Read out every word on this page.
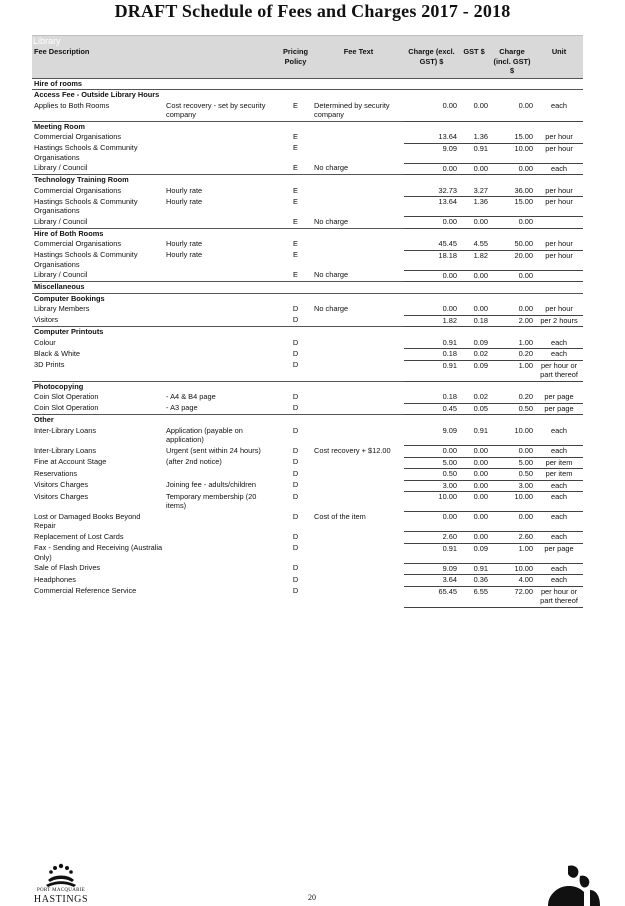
DRAFT Schedule of Fees and Charges 2017 - 2018
Library
Fee Description		Pricing Policy	Fee Text	Charge (excl. GST) $	GST $	Charge (incl. GST) $	Unit
Hire of rooms							
Access Fee - Outside Library Hours							
Applies to Both Rooms	Cost recovery - set by security company	E	Determined by security company	0.00	0.00	0.00	each
Meeting Room							
Commercial Organisations		E		13.64	1.36	15.00	per hour
Hastings Schools & Community Organisations		E		9.09	0.91	10.00	per hour
Library / Council		E	No charge	0.00	0.00	0.00	each
Technology Training Room							
Commercial Organisations	Hourly rate	E		32.73	3.27	36.00	per hour
Hastings Schools & Community Organisations	Hourly rate	E		13.64	1.36	15.00	per hour
Library / Council		E	No charge	0.00	0.00	0.00	
Hire of Both Rooms							
Commercial Organisations	Hourly rate	E		45.45	4.55	50.00	per hour
Hastings Schools & Community Organisations	Hourly rate	E		18.18	1.82	20.00	per hour
Library / Council		E	No charge	0.00	0.00	0.00	
Miscellaneous							
Computer Bookings							
Library Members		D	No charge	0.00	0.00	0.00	per hour
Visitors		D		1.82	0.18	2.00	per 2 hours
Computer Printouts							
Colour		D		0.91	0.09	1.00	each
Black & White		D		0.18	0.02	0.20	each
3D Prints		D		0.91	0.09	1.00	per hour or part thereof
Photocopying							
Coin Slot Operation	- A4 & B4 page	D		0.18	0.02	0.20	per page
Coin Slot Operation	- A3 page	D		0.45	0.05	0.50	per page
Other							
Inter-Library Loans	Application (payable on application)	D		9.09	0.91	10.00	each
Inter-Library Loans	Urgent (sent within 24 hours)	D	Cost recovery + $12.00	0.00	0.00	0.00	each
Fine at Account Stage	(after 2nd notice)	D		5.00	0.00	5.00	per item
Reservations		D		0.50	0.00	0.50	per item
Visitors Charges	Joining fee - adults/children	D		3.00	0.00	3.00	each
Visitors Charges	Temporary membership (20 items)	D		10.00	0.00	10.00	each
Lost or Damaged Books Beyond Repair		D	Cost of the item	0.00	0.00	0.00	each
Replacement of Lost Cards		D		2.60	0.00	2.60	each
Fax - Sending and Receiving (Australia Only)		D		0.91	0.09	1.00	per page
Sale of Flash Drives		D		9.09	0.91	10.00	each
Headphones		D		3.64	0.36	4.00	each
Commercial Reference Service		D		65.45	6.55	72.00	per hour or part thereof
PORT MACQUARIE
HASTINGS	20
